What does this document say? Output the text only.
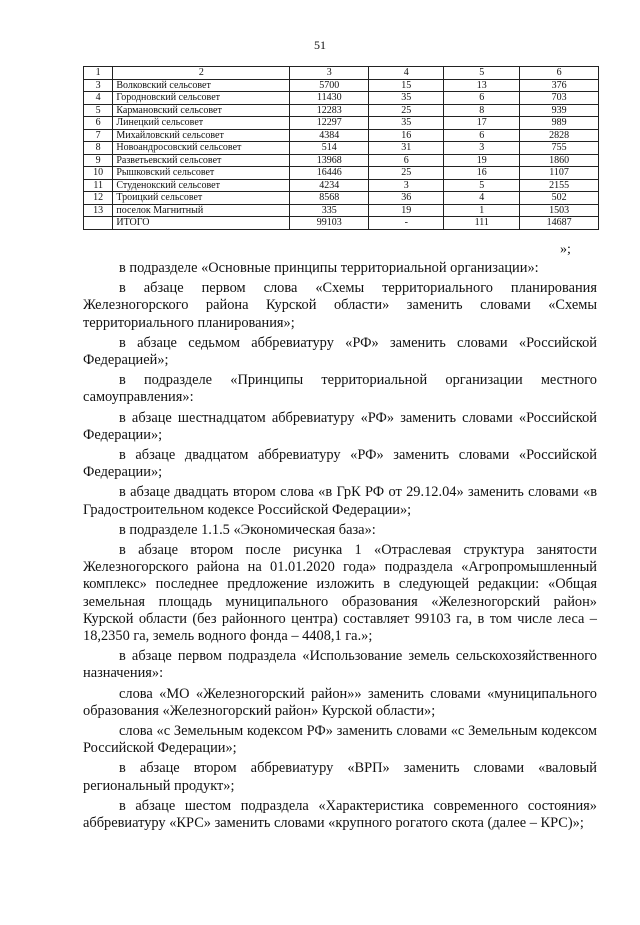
51
1	2	3	4	5	6
3	Волковский сельсовет	5700	15	13	376
4	Городновский сельсовет	11430	35	6	703
5	Кармановский сельсовет	12283	25	8	939
6	Линецкий сельсовет	12297	35	17	989
7	Михайловский сельсовет	4384	16	6	2828
8	Новоандросовский сельсовет	514	31	3	755
9	Разветьевский сельсовет	13968	6	19	1860
10	Рышковский сельсовет	16446	25	16	1107
11	Студенокский сельсовет	4234	3	5	2155
12	Троицкий сельсовет	8568	36	4	502
13	поселок Магнитный	335	19	1	1503
	ИТОГО	99103	-	111	14687
»;

в подразделе «Основные принципы территориальной организации»:

в абзаце первом слова «Схемы территориального планирования Железногорского района Курской области» заменить словами «Схемы территориального планирования»;

в абзаце седьмом аббревиатуру «РФ» заменить словами «Российской Федерацией»;

в подразделе «Принципы территориальной организации местного самоуправления»:

в абзаце шестнадцатом аббревиатуру «РФ» заменить словами «Российской Федерации»;

в абзаце двадцатом аббревиатуру «РФ» заменить словами «Российской Федерации»;

в абзаце двадцать втором слова «в ГрК РФ от 29.12.04» заменить словами «в Градостроительном кодексе Российской Федерации»;

в подразделе 1.1.5 «Экономическая база»:

в абзаце втором после рисунка 1 «Отраслевая структура занятости Железногорского района на 01.01.2020 года» подраздела «Агропромышленный комплекс» последнее предложение изложить в следующей редакции: «Общая земельная площадь муниципального образования «Железногорский район» Курской области (без районного центра) составляет 99103 га, в том числе леса – 18,2350 га, земель водного фонда – 4408,1 га.»;

в абзаце первом подраздела «Использование земель сельскохозяйственного назначения»:

слова «МО «Железногорский район»» заменить словами «муниципального образования «Железногорский район» Курской области»;

слова «с Земельным кодексом РФ» заменить словами «с Земельным кодексом Российской Федерации»;

в абзаце втором аббревиатуру «ВРП» заменить словами «валовый региональный продукт»;

в абзаце шестом подраздела «Характеристика современного состояния» аббревиатуру «КРС» заменить словами «крупного рогатого скота (далее – КРС)»;
